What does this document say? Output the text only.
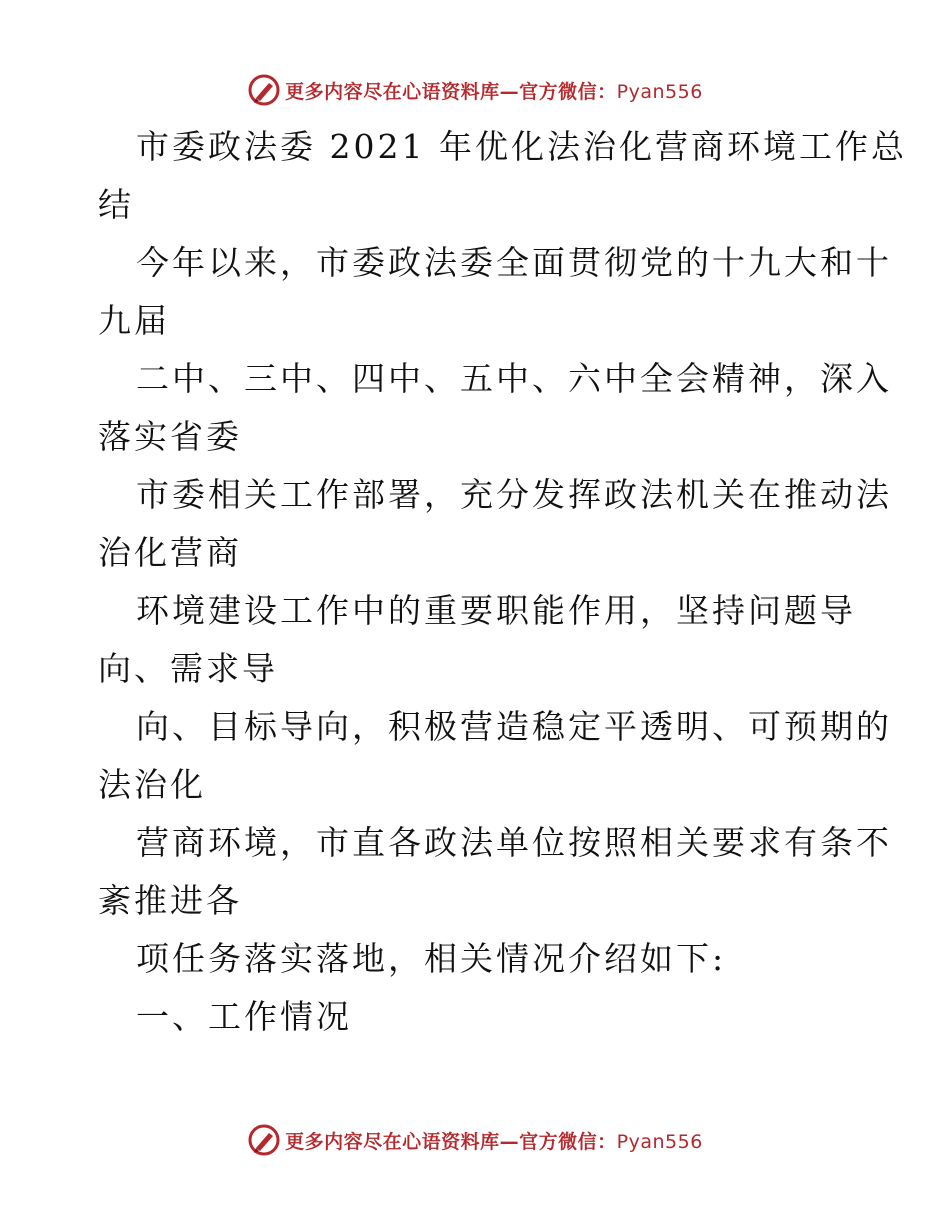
更多内容尽在心语资料库—官方微信：Pyan556
市委政法委 2021 年优化法治化营商环境工作总
结
今年以来，市委政法委全面贯彻党的十九大和十
九届
二中、三中、四中、五中、六中全会精神，深入
落实省委
市委相关工作部署，充分发挥政法机关在推动法
治化营商
环境建设工作中的重要职能作用，坚持问题导
向、需求导
向、目标导向，积极营造稳定平透明、可预期的
法治化
营商环境，市直各政法单位按照相关要求有条不
紊推进各
项任务落实落地，相关情况介绍如下:
一、工作情况
更多内容尽在心语资料库—官方微信：Pyan556
